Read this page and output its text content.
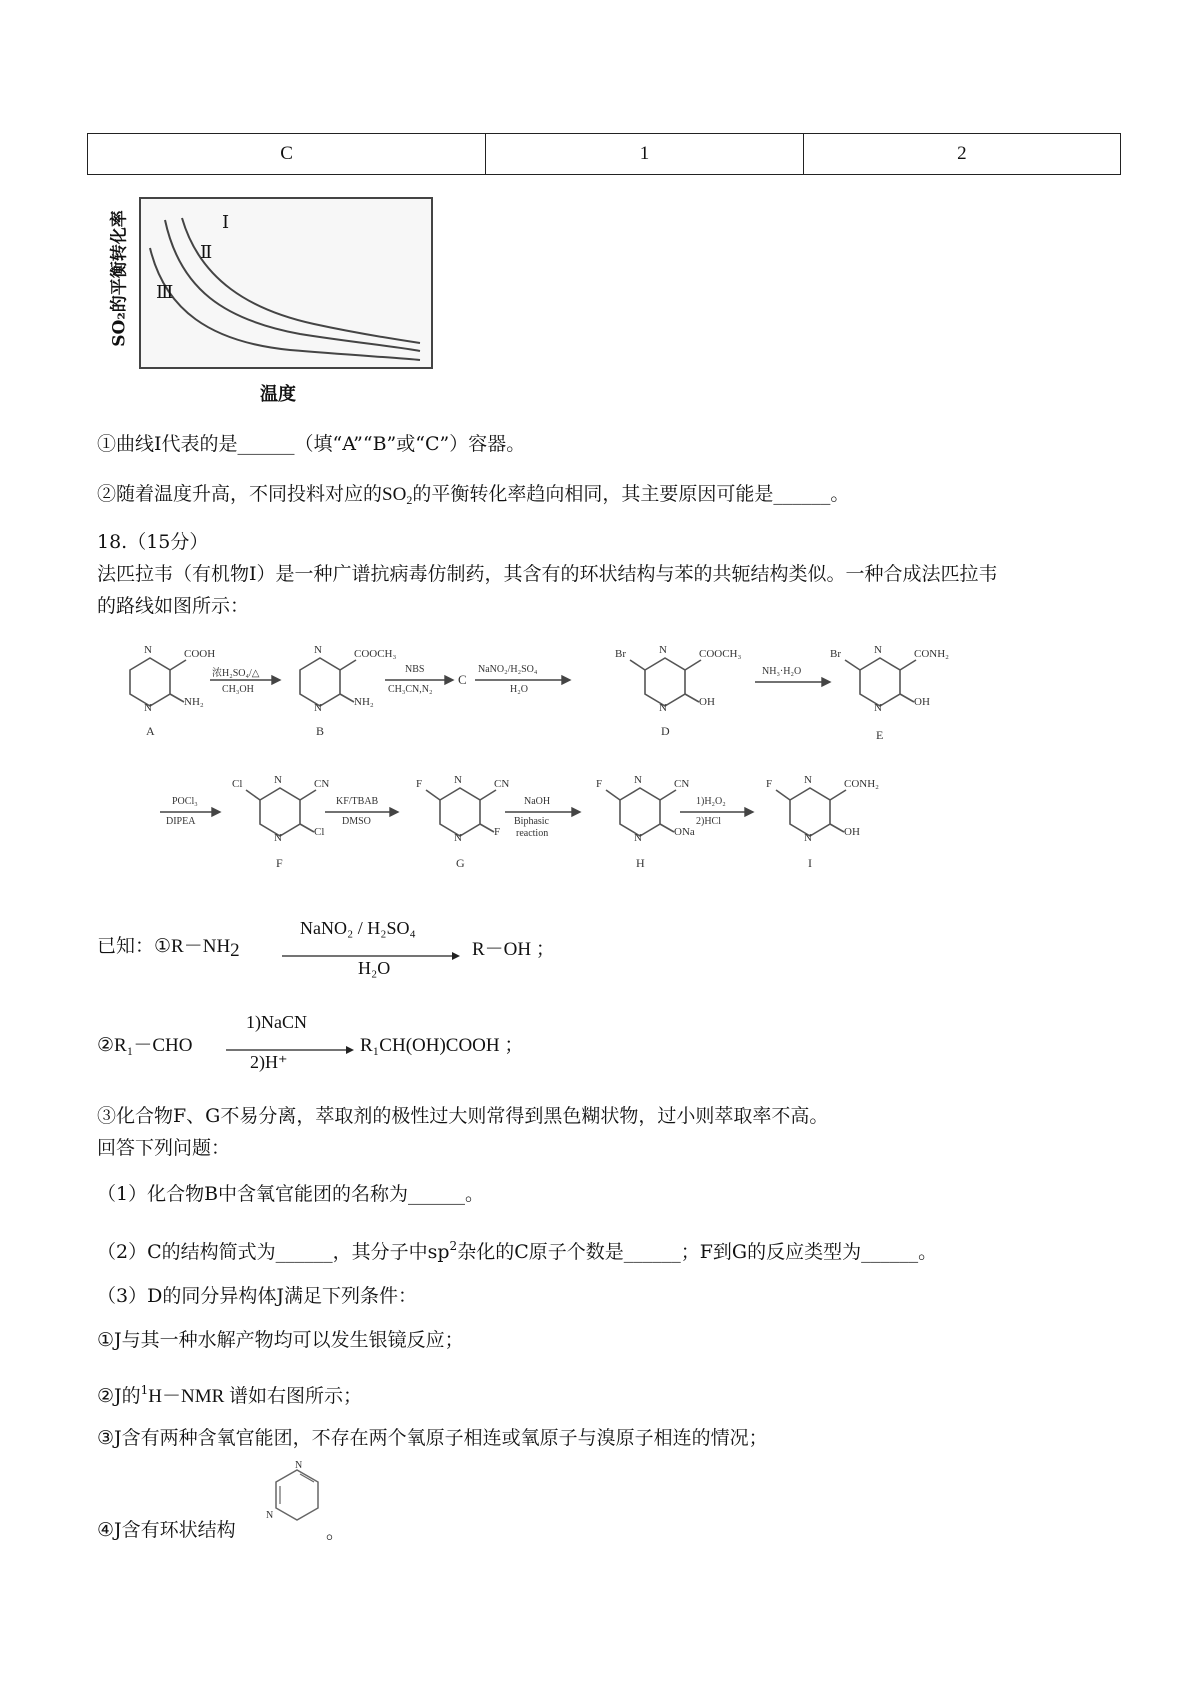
C	1	2
Ⅰ
Ⅱ
Ⅲ
SO₂的平衡转化率
温度
①曲线Ⅰ代表的是______（填“A”“B”或“C”）容器。
②随着温度升高，不同投料对应的$SO_2$的平衡转化率趋向相同，其主要原因可能是______。
18.（15分）
法匹拉韦（有机物Ⅰ）是一种广谱抗病毒仿制药，其含有的环状结构与苯的共轭结构类似。一种合成法匹拉韦
的路线如图所示：
N
N
COOH
NH₂
N
N
COOCH₃
NH₂
N
N
Br	COOCH₃
OH
N
N
Br	CONH₂
OH
A	B
C
D	E
浓H₂SO₄/△
CH₃OH
NBS
CH₃CN,N₂
NaNO₂/H₂SO₄
H₂O
NH₃·H₂O
N
N
Cl	CN
Cl
N
N
F	CN
F
N
N
F	CN
ONa
N
N
F	CONH₂
OH
F	G	H	I
POCl₃
DIPEA
KF/TBAB
DMSO
NaOH
Biphasic
reaction
1)H₂O₂
2)HCl
已知：①R－NH2
NaNO₂ / H₂SO₄
H₂O
R－OH ；
②R₁－CHO
1)NaCN
2)H⁺
R₁CH(OH)COOH ；
③化合物F、G不易分离，萃取剂的极性过大则常得到黑色糊状物，过小则萃取率不高。
回答下列问题：
（1）化合物B中含氧官能团的名称为______。
（2）C的结构简式为______，其分子中$sp^2$杂化的C原子个数是______；F到G的反应类型为______。
（3）D的同分异构体J满足下列条件：
①J与其一种水解产物均可以发生银镜反应；
②J的$^1$H－NMR 谱如右图所示；
③J含有两种含氧官能团，不存在两个氧原子相连或氧原子与溴原子相连的情况；
④J含有环状结构
N
N
。
